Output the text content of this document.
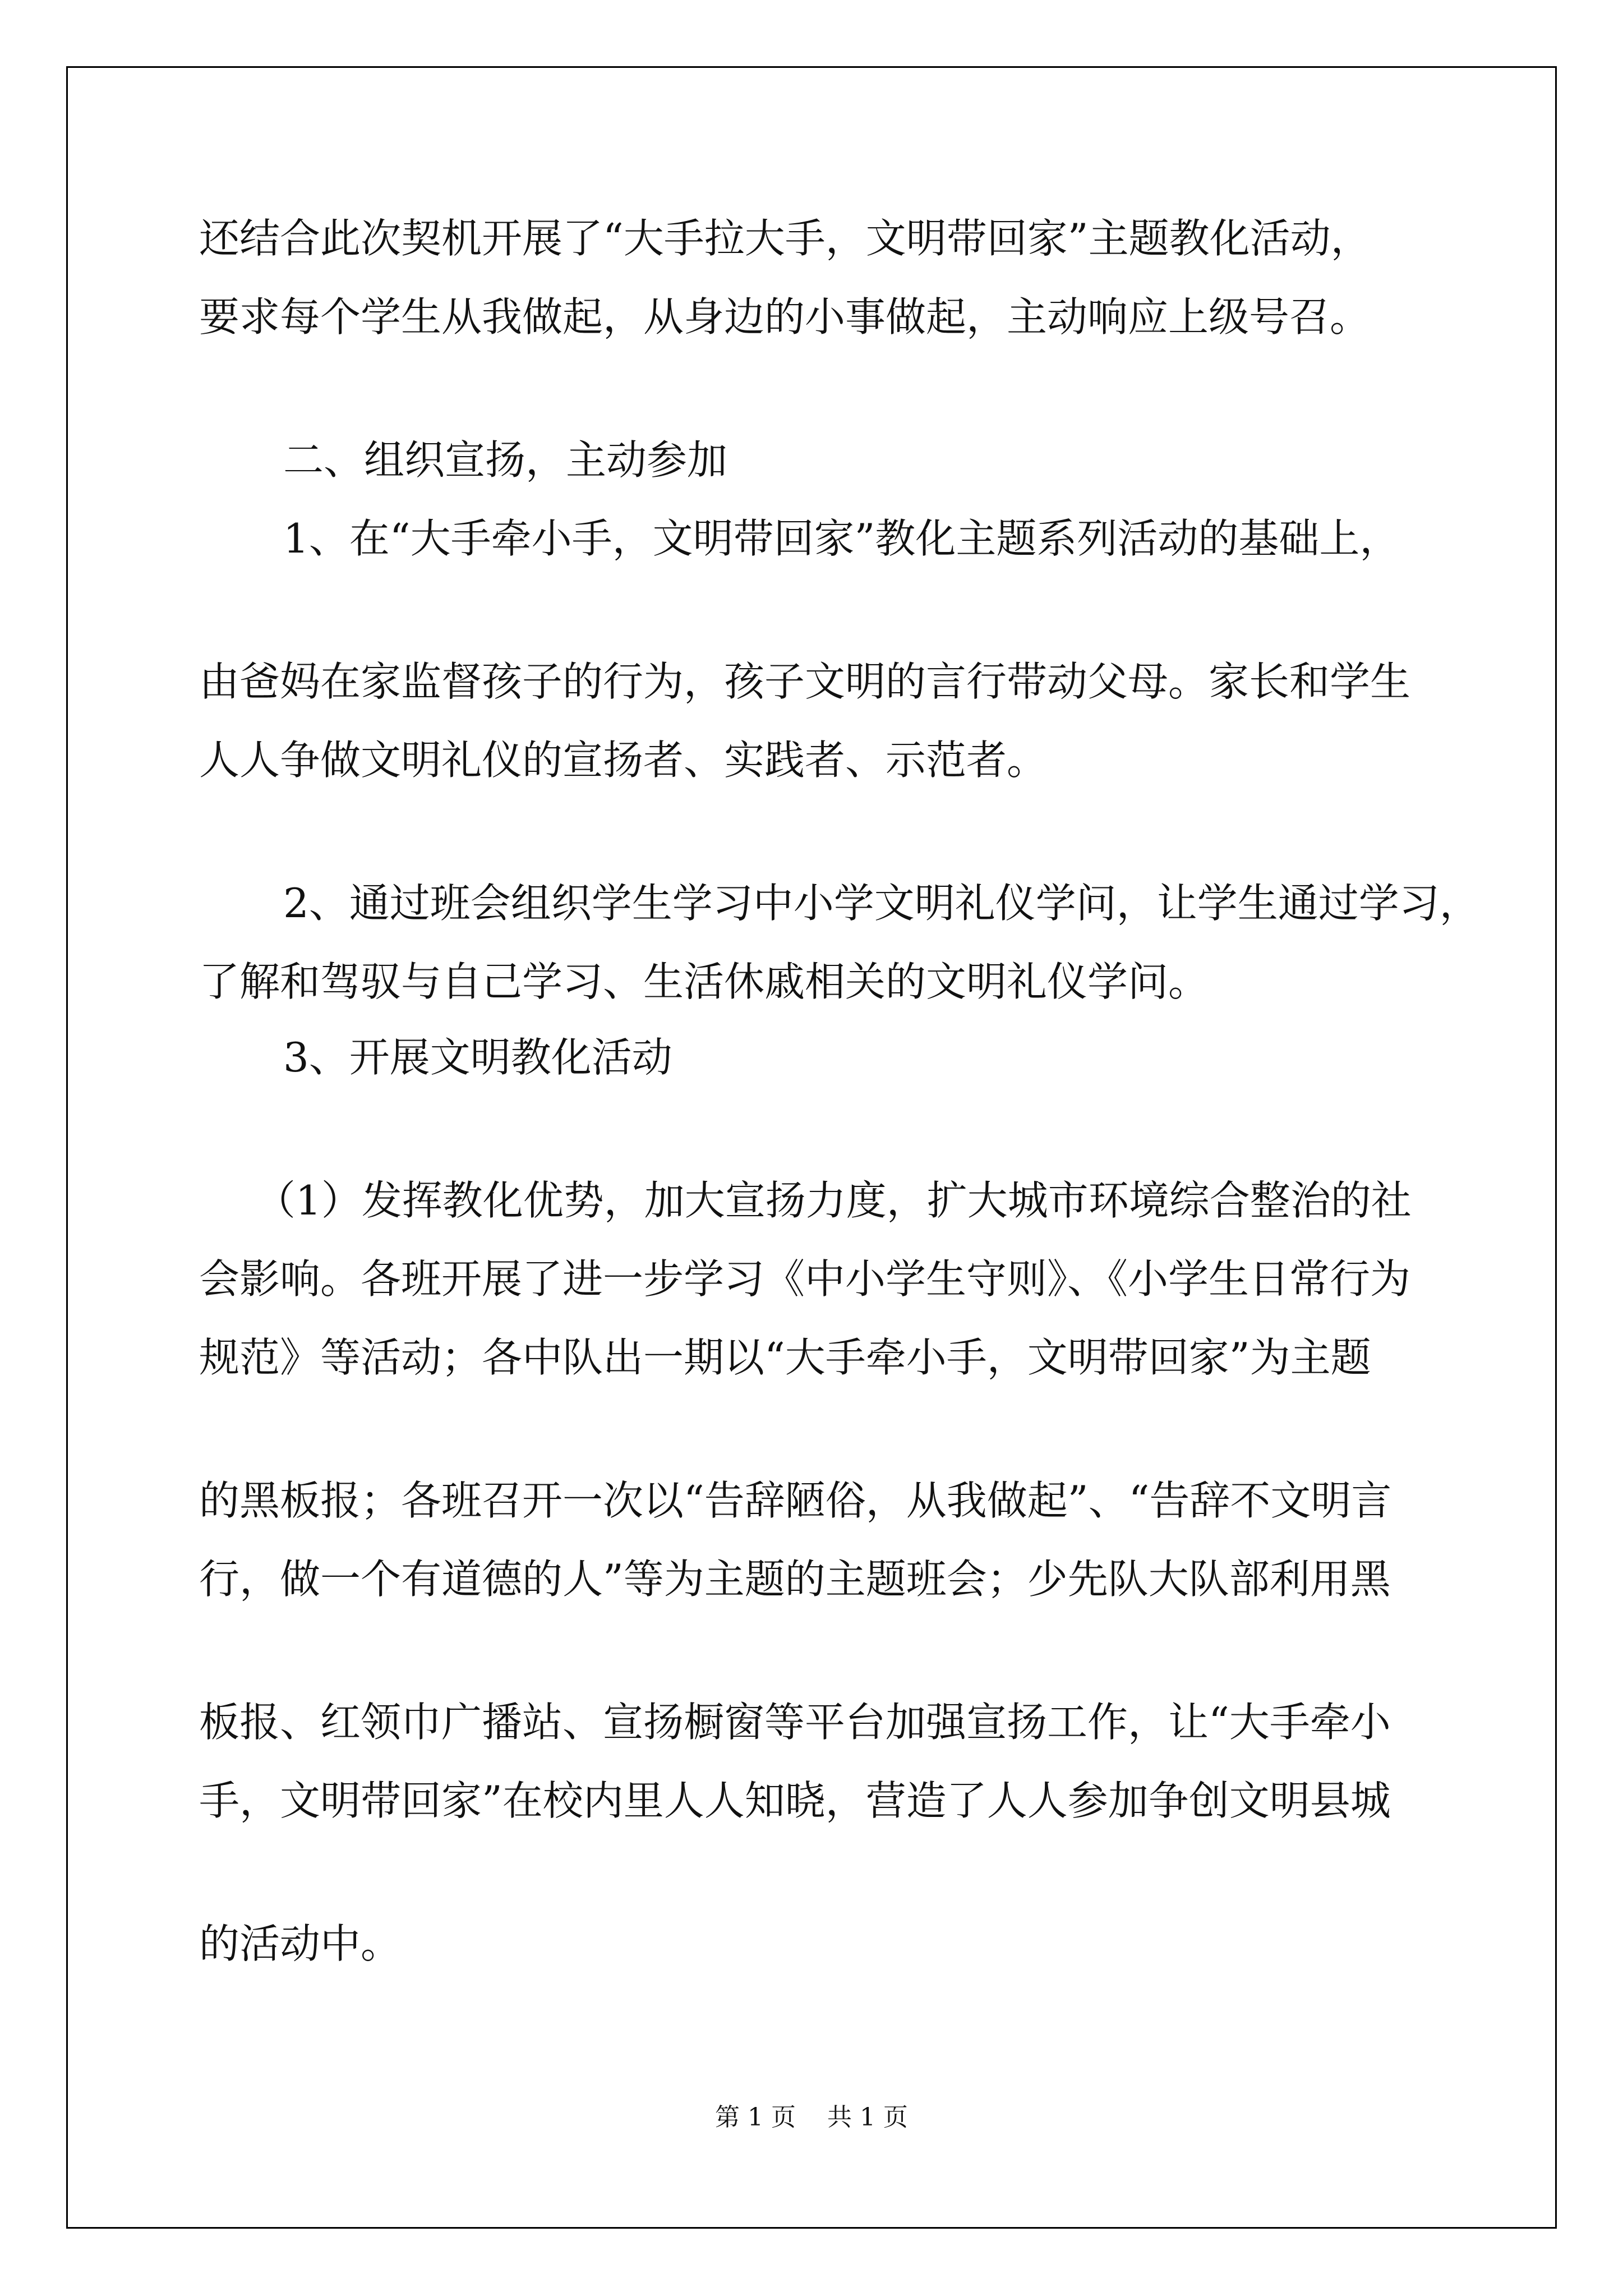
还结合此次契机开展了“大手拉大手，文明带回家”主题教化活动，

要求每个学生从我做起，从身边的小事做起，主动响应上级号召。

二、组织宣扬，主动参加

1、在“大手牵小手，文明带回家”教化主题系列活动的基础上，

由爸妈在家监督孩子的行为，孩子文明的言行带动父母。家长和学生

人人争做文明礼仪的宣扬者、实践者、示范者。

2、通过班会组织学生学习中小学文明礼仪学问，让学生通过学习，

了解和驾驭与自己学习、生活休戚相关的文明礼仪学问。

3、开展文明教化活动

（1）发挥教化优势，加大宣扬力度，扩大城市环境综合整治的社

会影响。各班开展了进一步学习《中小学生守则》、《小学生日常行为

规范》等活动；各中队出一期以“大手牵小手，文明带回家”为主题

的黑板报；各班召开一次以“告辞陋俗，从我做起”、“告辞不文明言

行，做一个有道德的人”等为主题的主题班会；少先队大队部利用黑

板报、红领巾广播站、宣扬橱窗等平台加强宣扬工作，让“大手牵小

手，文明带回家”在校内里人人知晓，营造了人人参加争创文明县城

的活动中。

第 1 页    共 1 页
